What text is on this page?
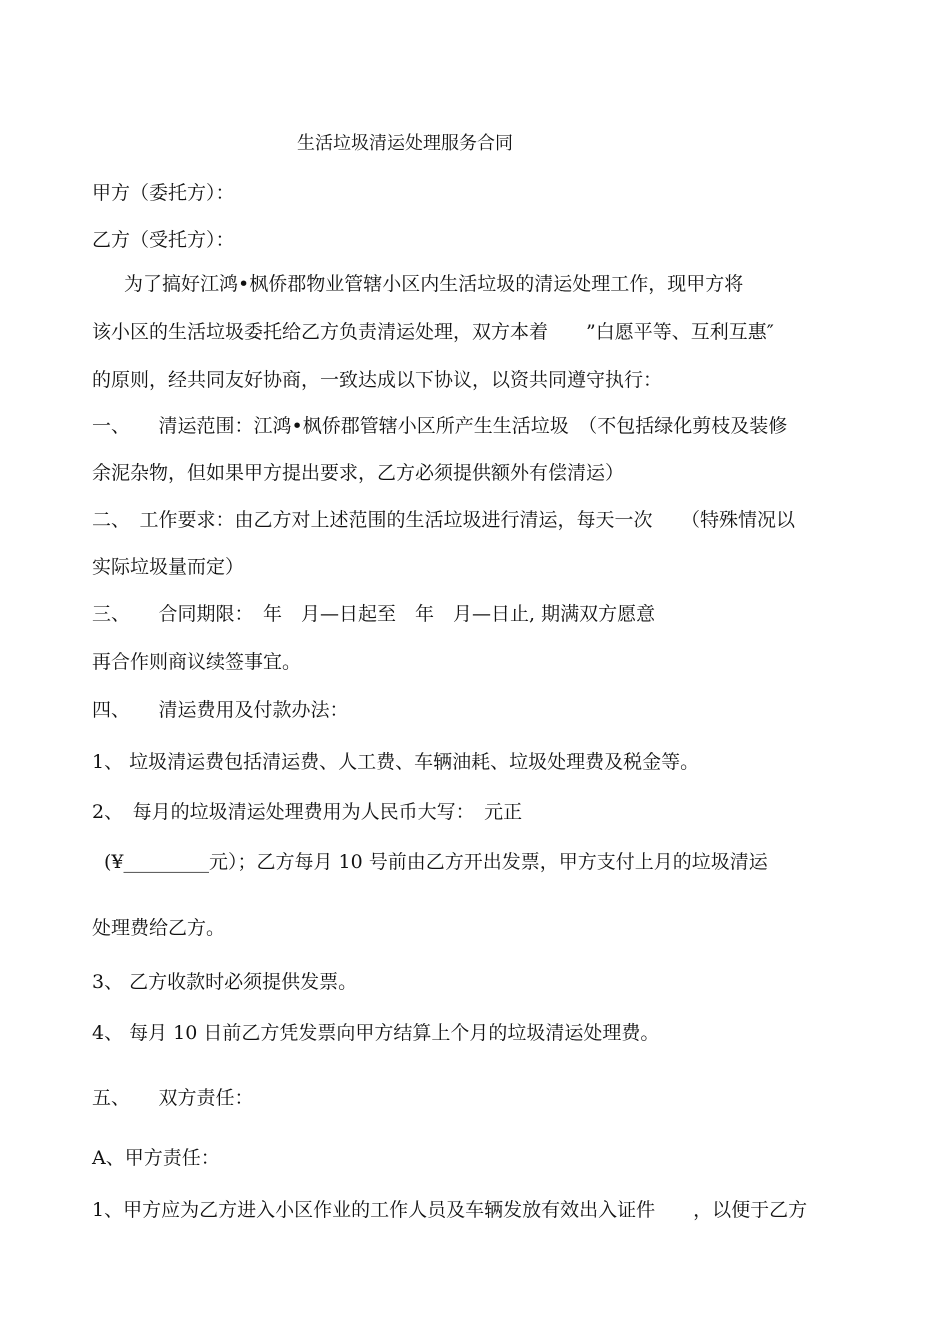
生活垃圾清运处理服务合同
甲方（委托方）：
乙方（受托方）：
为了搞好江鸿•枫侨郡物业管辖小区内生活垃圾的清运处理工作，现甲方将
该小区的生活垃圾委托给乙方负责清运处理，双方本着　　”白愿平等、互利互惠″
的原则，经共同友好协商，一致达成以下协议，以资共同遵守执行：
一、　　清运范围：江鸿•枫侨郡管辖小区所产生生活垃圾　（不包括绿化剪枝及装修
余泥杂物，但如果甲方提出要求，乙方必须提供额外有偿清运）
二、　工作要求：由乙方对上述范围的生活垃圾进行清运，每天一次　　（特殊情况以
实际垃圾量而定）
三、　　合同期限：　年　月—日起至　年　月—日止, 期满双方愿意
再合作则商议续签事宜。
四、　　清运费用及付款办法：
1、 垃圾清运费包括清运费、人工费、车辆油耗、垃圾处理费及税金等。
2、　每月的垃圾清运处理费用为人民币大写：　元正
(¥_________元）；乙方每月 10 号前由乙方开出发票，甲方支付上月的垃圾清运
处理费给乙方。
3、 乙方收款时必须提供发票。
4、 每月 10 日前乙方凭发票向甲方结算上个月的垃圾清运处理费。
五、　　双方责任：
A、甲方责任：
1、甲方应为乙方进入小区作业的工作人员及车辆发放有效出入证件　　，以便于乙方
